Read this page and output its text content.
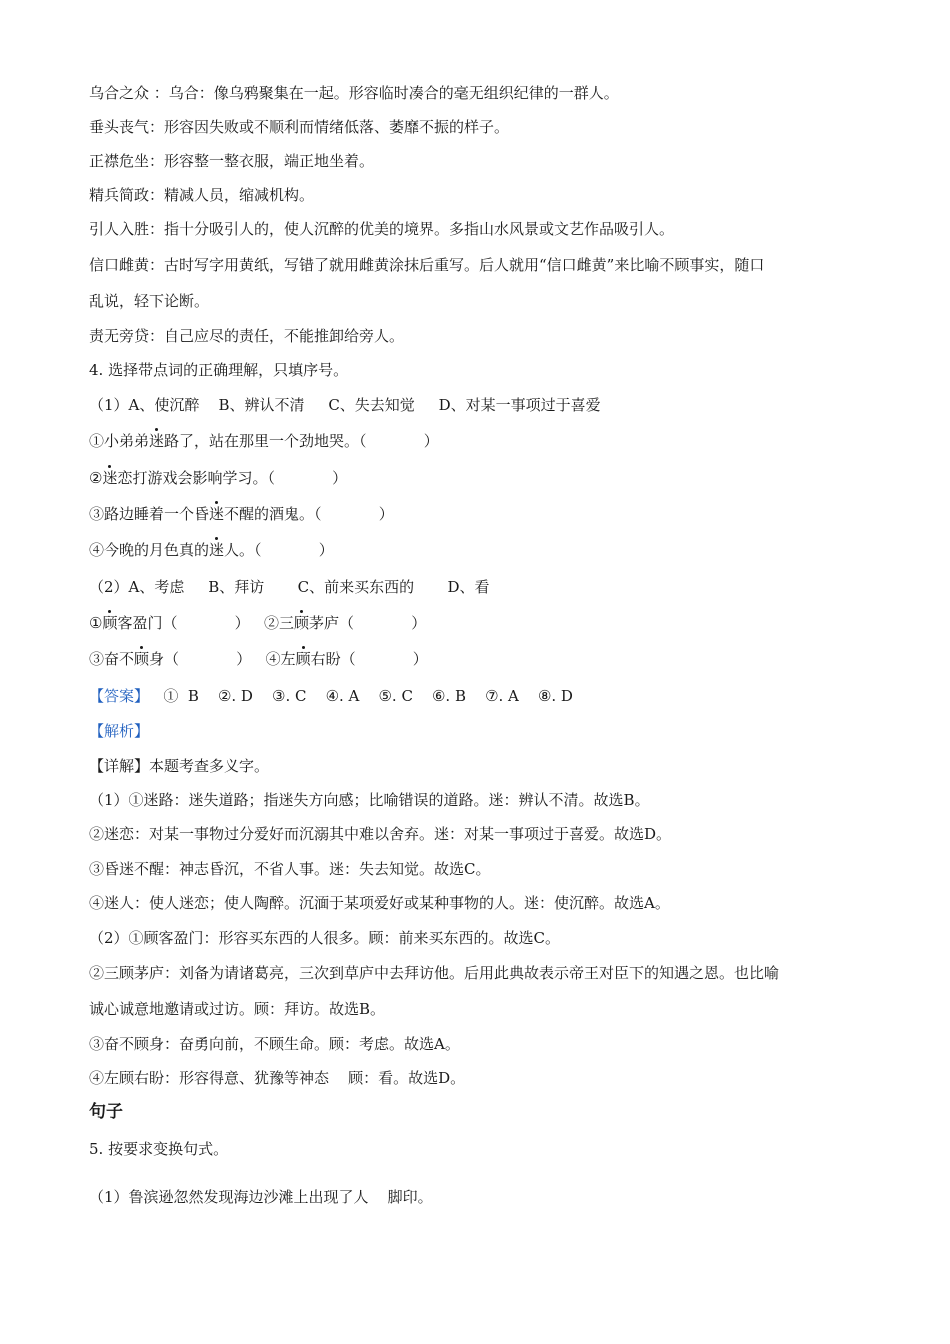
乌合之众 ：乌合：像乌鸦聚集在一起。形容临时凑合的毫无组织纪律的一群人。
垂头丧气：形容因失败或不顺利而情绪低落、萎靡不振的样子。
正襟危坐：形容整一整衣服，端正地坐着。
精兵简政：精减人员，缩减机构。
引人入胜：指十分吸引人的，使人沉醉的优美的境界。多指山水风景或文艺作品吸引人。
信口雌黄：古时写字用黄纸，写错了就用雌黄涂抹后重写。后人就用“信口雌黄”来比喻不顾事实，随口
乱说，轻下论断。
责无旁贷：自己应尽的责任，不能推卸给旁人。
4. 选择带点词的正确理解，只填序号。
（1）A、使沉醉    B、辨认不清     C、失去知觉     D、对某一事项过于喜爱
①小弟弟迷路了，站在那里一个劲地哭。（            ）
②迷恋打游戏会影响学习。（            ）
③路边睡着一个昏迷不醒的酒鬼。（            ）
④今晚的月色真的迷人。（            ）
（2）A、考虑     B、拜访       C、前来买东西的       D、看
①顾客盈门（            ） ②三顾茅庐（            ）
③奋不顾身（            ） ④左顾右盼（            ）
【答案】   ①  B    ②. D    ③. C    ④. A    ⑤. C    ⑥. B    ⑦. A    ⑧. D
【解析】
【详解】本题考查多义字。
（1）①迷路：迷失道路；指迷失方向感；比喻错误的道路。迷：辨认不清。故选B。
②迷恋：对某一事物过分爱好而沉溺其中难以舍弃。迷：对某一事项过于喜爱。故选D。
③昏迷不醒：神志昏沉，不省人事。迷：失去知觉。故选C。
④迷人：使人迷恋；使人陶醉。沉湎于某项爱好或某种事物的人。迷：使沉醉。故选A。
（2）①顾客盈门：形容买东西的人很多。顾：前来买东西的。故选C。
②三顾茅庐：刘备为请诸葛亮，三次到草庐中去拜访他。后用此典故表示帝王对臣下的知遇之恩。也比喻
诚心诚意地邀请或过访。顾：拜访。故选B。
③奋不顾身：奋勇向前，不顾生命。顾：考虑。故选A。
④左顾右盼：形容得意、犹豫等神态    顾：看。故选D。
句子
5. 按要求变换句式。
（1）鲁滨逊忽然发现海边沙滩上出现了人    脚印。
